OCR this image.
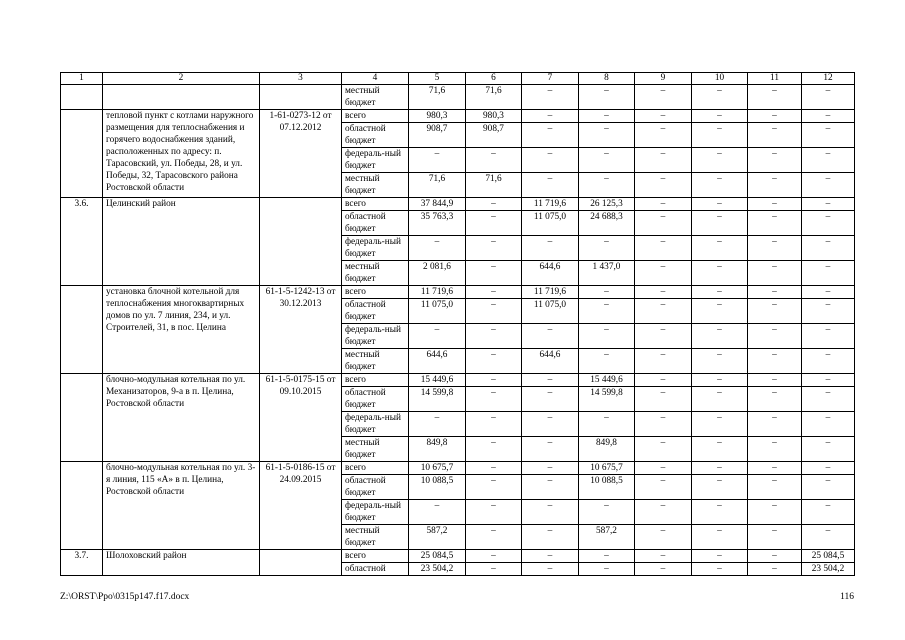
1	2	3	4	5	6	7	8	9	10	11	12
			местный бюджет	71,6	71,6	–	–	–	–	–	–
	тепловой пункт с котлами наружного размещения для теплоснабжения и горячего водоснабжения зданий, расположенных по адресу: п. Тарасовский, ул. Победы, 28, и ул. Победы, 32, Тарасовского района Ростовской области	1-61-0273-12 от 07.12.2012	всего	980,3	980,3	–	–	–	–	–	–
			областной бюджет	908,7	908,7	–	–	–	–	–	–
			федераль-ный бюджет	–	–	–	–	–	–	–	–
			местный бюджет	71,6	71,6	–	–	–	–	–	–
3.6.	Целинский район		всего	37 844,9	–	11 719,6	26 125,3	–	–	–	–
			областной бюджет	35 763,3	–	11 075,0	24 688,3	–	–	–	–
			федераль-ный бюджет	–	–	–	–	–	–	–	–
			местный бюджет	2 081,6	–	644,6	1 437,0	–	–	–	–
	установка блочной котельной для теплоснабжения многоквартирных домов по ул. 7 линия, 234, и ул. Строителей, 31, в пос. Целина	61-1-5-1242-13 от 30.12.2013	всего	11 719,6	–	11 719,6	–	–	–	–	–
			областной бюджет	11 075,0	–	11 075,0	–	–	–	–	–
			федераль-ный бюджет	–	–	–	–	–	–	–	–
			местный бюджет	644,6	–	644,6	–	–	–	–	–
	блочно-модульная котельная по ул. Механизаторов, 9-а в п. Целина, Ростовской области	61-1-5-0175-15 от 09.10.2015	всего	15 449,6	–	–	15 449,6	–	–	–	–
			областной бюджет	14 599,8	–	–	14 599,8	–	–	–	–
			федераль-ный бюджет	–	–	–	–	–	–	–	–
			местный бюджет	849,8	–	–	849,8	–	–	–	–
	блочно-модульная котельная по ул. 3-я линия, 115 «А» в п. Целина, Ростовской области	61-1-5-0186-15 от 24.09.2015	всего	10 675,7	–	–	10 675,7	–	–	–	–
			областной бюджет	10 088,5	–	–	10 088,5	–	–	–	–
			федераль-ный бюджет	–	–	–	–	–	–	–	–
			местный бюджет	587,2	–	–	587,2	–	–	–	–
3.7.	Шолоховский район		всего	25 084,5	–	–	–	–	–	–	25 084,5
			областной	23 504,2	–	–	–	–	–	–	23 504,2
Z:\ORST\Ppo\0315p147.f17.docx	116
